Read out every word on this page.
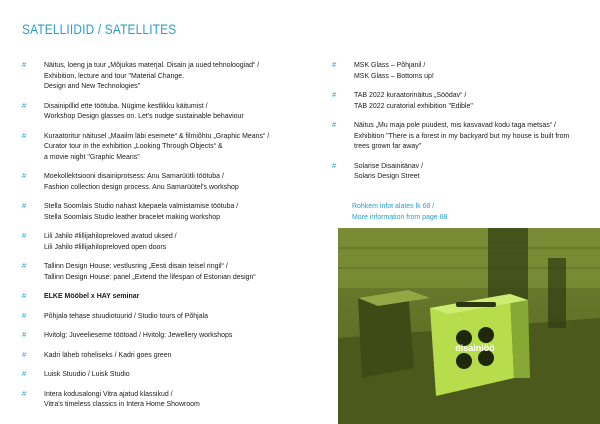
SATELLIIDID / SATELLITES
# Näitus, loeng ja tuur „Mõjukas materjal. Disain ja uued tehnoloogiad“ /
Exhibition, lecture and tour "Material Change.
Design and New Technologies"
# Disainipillid ette töötuba. Nügime kestlikku käitumist /
Workshop Design glasses on. Let's nudge sustainable behaviour
# Kuraatoritur näitusel „Maailm läbi esemete“ & filmiõhtu „Graphic Means“ /
Curator tour in the exhibition „Looking Through Objects“ &
a movie night "Graphic Means"
# Moekollektsiooni disainiprotsess: Anu Samarüütli töötuba /
Fashion collection design process. Anu Samarüütel's workshop
# Stella Soomlais Studio nahast käepaela valmistamise töötuba /
Stella Soomlais Studio leather bracelet making workshop
# Lili Jahilo #lillijahilopreloved avatud uksed /
Lili Jahilo #lillijahilopreloved open doors
# Tallinn Design House: vestlusring „Eesti disain teisel ringil“ /
Tallinn Design House: panel „Extend the lifespan of Estonian design“
# ELKE Mööbel x HAY seminar
# Põhjala tehase stuudiotuurid / Studio tours of Põhjala
# Hvitolg: Juveelieseme töötoad / Hvitolg: Jewellery workshops
# Kadri läheb roheliseks / Kadri goes green
# Luisk Stuudio / Luisk Studio
# Intera kodusalongi Vitra ajatud klassikud /
Vitra's timeless classics in Intera Home Showroom
# MSK Glass – Põhjanil /
MSK Glass – Bottoms up!
# TAB 2022 kuraatorinäitus „Söödav“ /
TAB 2022 curatorial exhibition "Edible"
# Näitus „Mu maja pole puudest, mis kasvavad kodu taga metsas“ /
Exhibition "There is a forest in my backyard but my house is built from
trees grown far away"
# Solarise Disainitänav /
Solaris Design Street
Rohkem infot alates lk 68 /
More information from page 68
disainiöö
